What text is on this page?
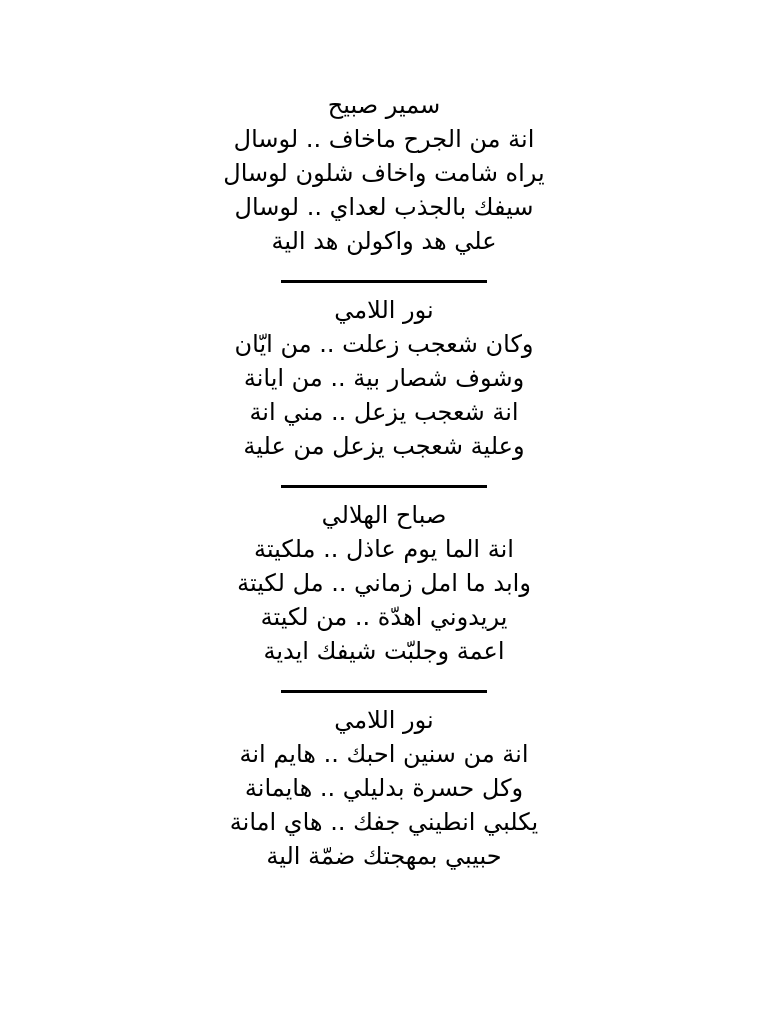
سمير صبيح
انة من الجرح ماخاف .. لوسال
يراه شامت واخاف شلون لوسال
سيفك بالجذب لعداي .. لوسال
علي هد واكولن هد الية
نور اللامي
وكان شعجب زعلت .. من ايّان
وشوف شصار بية .. من ايانة
انة شعجب يزعل .. مني انة
وعلية شعجب يزعل من علية
صباح الهلالي
انة الما يوم عاذل .. ملكيتة
وابد ما امل زماني .. مل لكيتة
يريدوني اهدّة .. من لكيتة
اعمة وجلبّت شيفك ايدية
نور اللامي
انة من سنين احبك .. هايم انة
وكل حسرة بدليلي .. هايمانة
يكلبي انطيني جفك .. هاي امانة
حبيبي بمهجتك ضمّة الية
